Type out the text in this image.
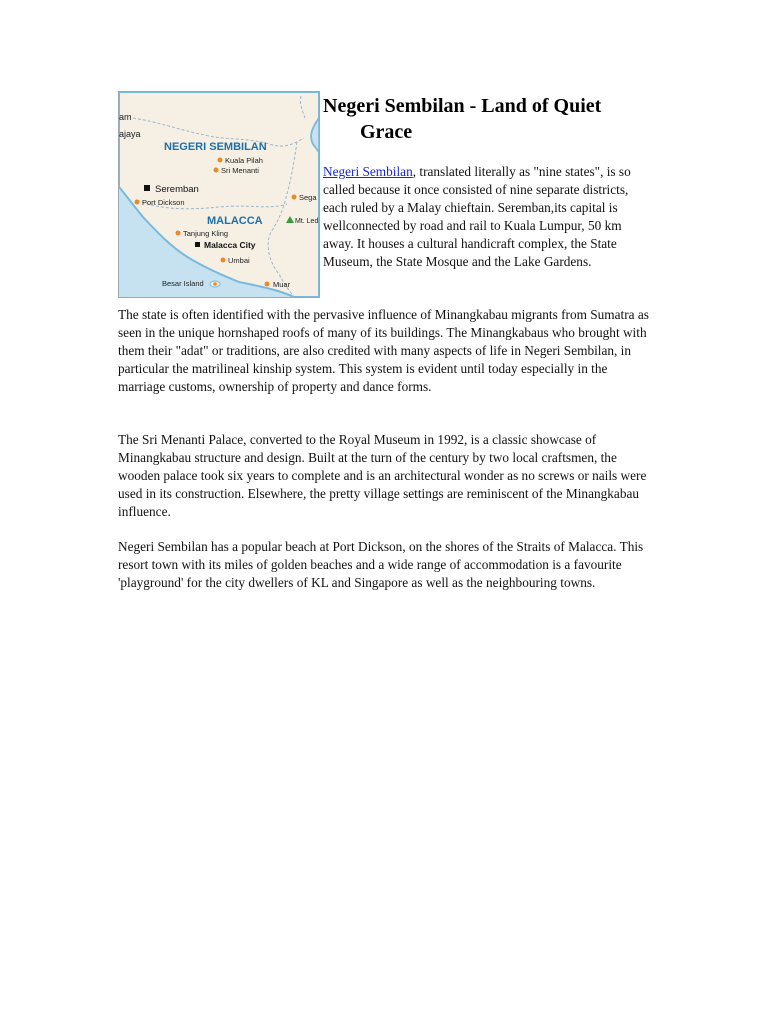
am
ajaya
NEGERI SEMBILAN
Kuala Pilah
Sri Menanti
Seremban
Sega
Port Dickson
MALACCA	Mt. Led
Tanjung Kling
Malacca City
Umbai
Besar Island	Muar
Negeri Sembilan - Land of Quiet
Grace

Negeri Sembilan, translated literally as "nine states", is so called because it once consisted of nine separate districts, each ruled by a Malay chieftain. Seremban,its capital is wellconnected by road and rail to Kuala Lumpur, 50 km away. It houses a cultural handicraft complex, the State Museum, the State Mosque and the Lake Gardens.

The state is often identified with the pervasive influence of Minangkabau migrants from Sumatra as seen in the unique hornshaped roofs of many of its buildings. The Minangkabaus who brought with them their "adat" or traditions, are also credited with many aspects of life in Negeri Sembilan, in particular the matrilineal kinship system. This system is evident until today especially in the marriage customs, ownership of property and dance forms.

The Sri Menanti Palace, converted to the Royal Museum in 1992, is a classic showcase of Minangkabau structure and design. Built at the turn of the century by two local craftsmen, the wooden palace took six years to complete and is an architectural wonder as no screws or nails were used in its construction. Elsewhere, the pretty village settings are reminiscent of the Minangkabau influence.

Negeri Sembilan has a popular beach at Port Dickson, on the shores of the Straits of Malacca. This resort town with its miles of golden beaches and a wide range of accommodation is a favourite 'playground' for the city dwellers of KL and Singapore as well as the neighbouring towns.
